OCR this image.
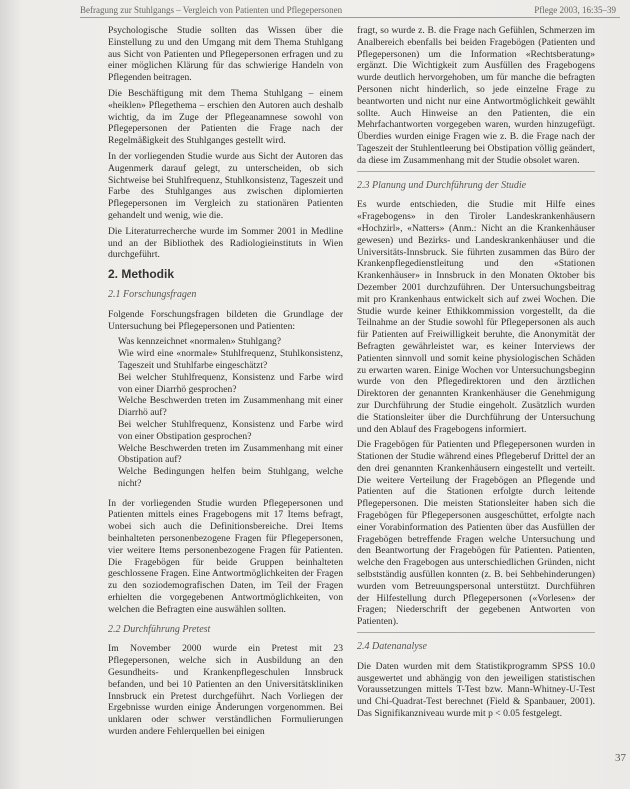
Befragung zur Stuhlgangs – Vergleich von Patienten und Pflegepersonen	Pflege 2003, 16:35–39

Psychologische Studie sollten das Wissen über die Einstellung zu und den Umgang mit dem Thema Stuhlgang aus Sicht von Patienten und Pflegepersonen erfragen und zu einer möglichen Klärung für das schwierige Handeln von Pflegenden beitragen.

Die Beschäftigung mit dem Thema Stuhlgang – einem «heiklen» Pflegethema – erschien den Autoren auch deshalb wichtig, da im Zuge der Pflegeanamnese sowohl von Pflegepersonen der Patienten die Frage nach der Regelmäßigkeit des Stuhlganges gestellt wird.

In der vorliegenden Studie wurde aus Sicht der Autoren das Augenmerk darauf gelegt, zu unterscheiden, ob sich Sichtweise bei Stuhlfrequenz, Stuhlkonsistenz, Tageszeit und Farbe des Stuhlganges aus zwischen diplomierten Pflegepersonen im Vergleich zu stationären Patienten gehandelt und wenig, wie die.

Die Literaturrecherche wurde im Sommer 2001 in Medline und an der Bibliothek des Radiologieinstituts in Wien durchgeführt.

2. Methodik
2.1 Forschungsfragen

Folgende Forschungsfragen bildeten die Grundlage der Untersuchung bei Pflegepersonen und Patienten:

Was kennzeichnet «normalen» Stuhlgang?

Wie wird eine «normale» Stuhlfrequenz, Stuhlkonsistenz, Tageszeit und Stuhlfarbe eingeschätzt?

Bei welcher Stuhlfrequenz, Konsistenz und Farbe wird von einer Diarrhö gesprochen?

Welche Beschwerden treten im Zusammenhang mit einer Diarrhö auf?

Bei welcher Stuhlfrequenz, Konsistenz und Farbe wird von einer Obstipation gesprochen?

Welche Beschwerden treten im Zusammenhang mit einer Obstipation auf?

Welche Bedingungen helfen beim Stuhlgang, welche nicht?

In der vorliegenden Studie wurden Pflegepersonen und Patienten mittels eines Fragebogens mit 17 Items befragt, wobei sich auch die Definitionsbereiche. Drei Items beinhalteten personenbezogene Fragen für Pflegepersonen, vier weitere Items personenbezogene Fragen für Patienten. Die Fragebögen für beide Gruppen beinhalteten geschlossene Fragen. Eine Antwortmöglichkeiten der Fragen zu den soziodemografischen Daten, im Teil der Fragen erhielten die vorgegebenen Antwortmöglichkeiten, von welchen die Befragten eine auswählen sollten.

2.2 Durchführung Pretest

Im November 2000 wurde ein Pretest mit 23 Pflegepersonen, welche sich in Ausbildung an den Gesundheits- und Krankenpflegeschulen Innsbruck befanden, und bei 10 Patienten an den Universitätskliniken Innsbruck ein Pretest durchgeführt. Nach Vorliegen der Ergebnisse wurden einige Änderungen vorgenommen. Bei unklaren oder schwer verständlichen Formulierungen wurden andere Fehlerquellen bei einigen

fragt, so wurde z. B. die Frage nach Gefühlen, Schmerzen im Analbereich ebenfalls bei beiden Fragebögen (Patienten und Pflegepersonen) um die Information «Rechtsberatung» ergänzt. Die Wichtigkeit zum Ausfüllen des Fragebogens wurde deutlich hervorgehoben, um für manche die befragten Personen nicht hinderlich, so jede einzelne Frage zu beantworten und nicht nur eine Antwortmöglichkeit gewählt sollte. Auch Hinweise an den Patienten, die ein Mehrfachantworten vorgegeben waren, wurden hinzugefügt. Überdies wurden einige Fragen wie z. B. die Frage nach der Tageszeit der Stuhlentleerung bei Obstipation völlig geändert, da diese im Zusammenhang mit der Studie obsolet waren.

2.3 Planung und Durchführung der Studie

Es wurde entschieden, die Studie mit Hilfe eines «Fragebogens» in den Tiroler Landeskrankenhäusern «Hochzirl», «Natters» (Anm.: Nicht an die Krankenhäuser gewesen) und Bezirks- und Landeskrankenhäuser und die Universitäts-Innsbruck. Sie führten zusammen das Büro der Krankenpflegedienstleitung und den «Stationen Krankenhäuser» in Innsbruck in den Monaten Oktober bis Dezember 2001 durchzuführen. Der Untersuchungsbeitrag mit pro Krankenhaus entwickelt sich auf zwei Wochen. Die Studie wurde keiner Ethikkommission vorgestellt, da die Teilnahme an der Studie sowohl für Pflegepersonen als auch für Patienten auf Freiwilligkeit beruhte, die Anonymität der Befragten gewährleistet war, es keiner Interviews der Patienten sinnvoll und somit keine physiologischen Schäden zu erwarten waren. Einige Wochen vor Untersuchungsbeginn wurde von den Pflegedirektoren und den ärztlichen Direktoren der genannten Krankenhäuser die Genehmigung zur Durchführung der Studie eingeholt. Zusätzlich wurden die Stationsleiter über die Durchführung der Untersuchung und den Ablauf des Fragebogens informiert.

Die Fragebögen für Patienten und Pflegepersonen wurden in Stationen der Studie während eines Pflegeberuf Drittel der an den drei genannten Krankenhäusern eingestellt und verteilt. Die weitere Verteilung der Fragebögen an Pflegende und Patienten auf die Stationen erfolgte durch leitende Pflegepersonen. Die meisten Stationsleiter haben sich die Fragebögen für Pflegepersonen ausgeschüttet, erfolgte nach einer Vorabinformation des Patienten über das Ausfüllen der Fragebögen betreffende Fragen welche Untersuchung und den Beantwortung der Fragebögen für Patienten. Patienten, welche den Fragebogen aus unterschiedlichen Gründen, nicht selbstständig ausfüllen konnten (z. B. bei Sehbehinderungen) wurden vom Betreuungspersonal unterstützt. Durchführen der Hilfestellung durch Pflegepersonen («Vorlesen» der Fragen; Niederschrift der gegebenen Antworten von Patienten).

2.4 Datenanalyse

Die Daten wurden mit dem Statistikprogramm SPSS 10.0 ausgewertet und abhängig von den jeweiligen statistischen Voraussetzungen mittels T-Test bzw. Mann-Whitney-U-Test und Chi-Quadrat-Test berechnet (Field & Spanbauer, 2001). Das Signifikanzniveau wurde mit p < 0.05 festgelegt.

37
